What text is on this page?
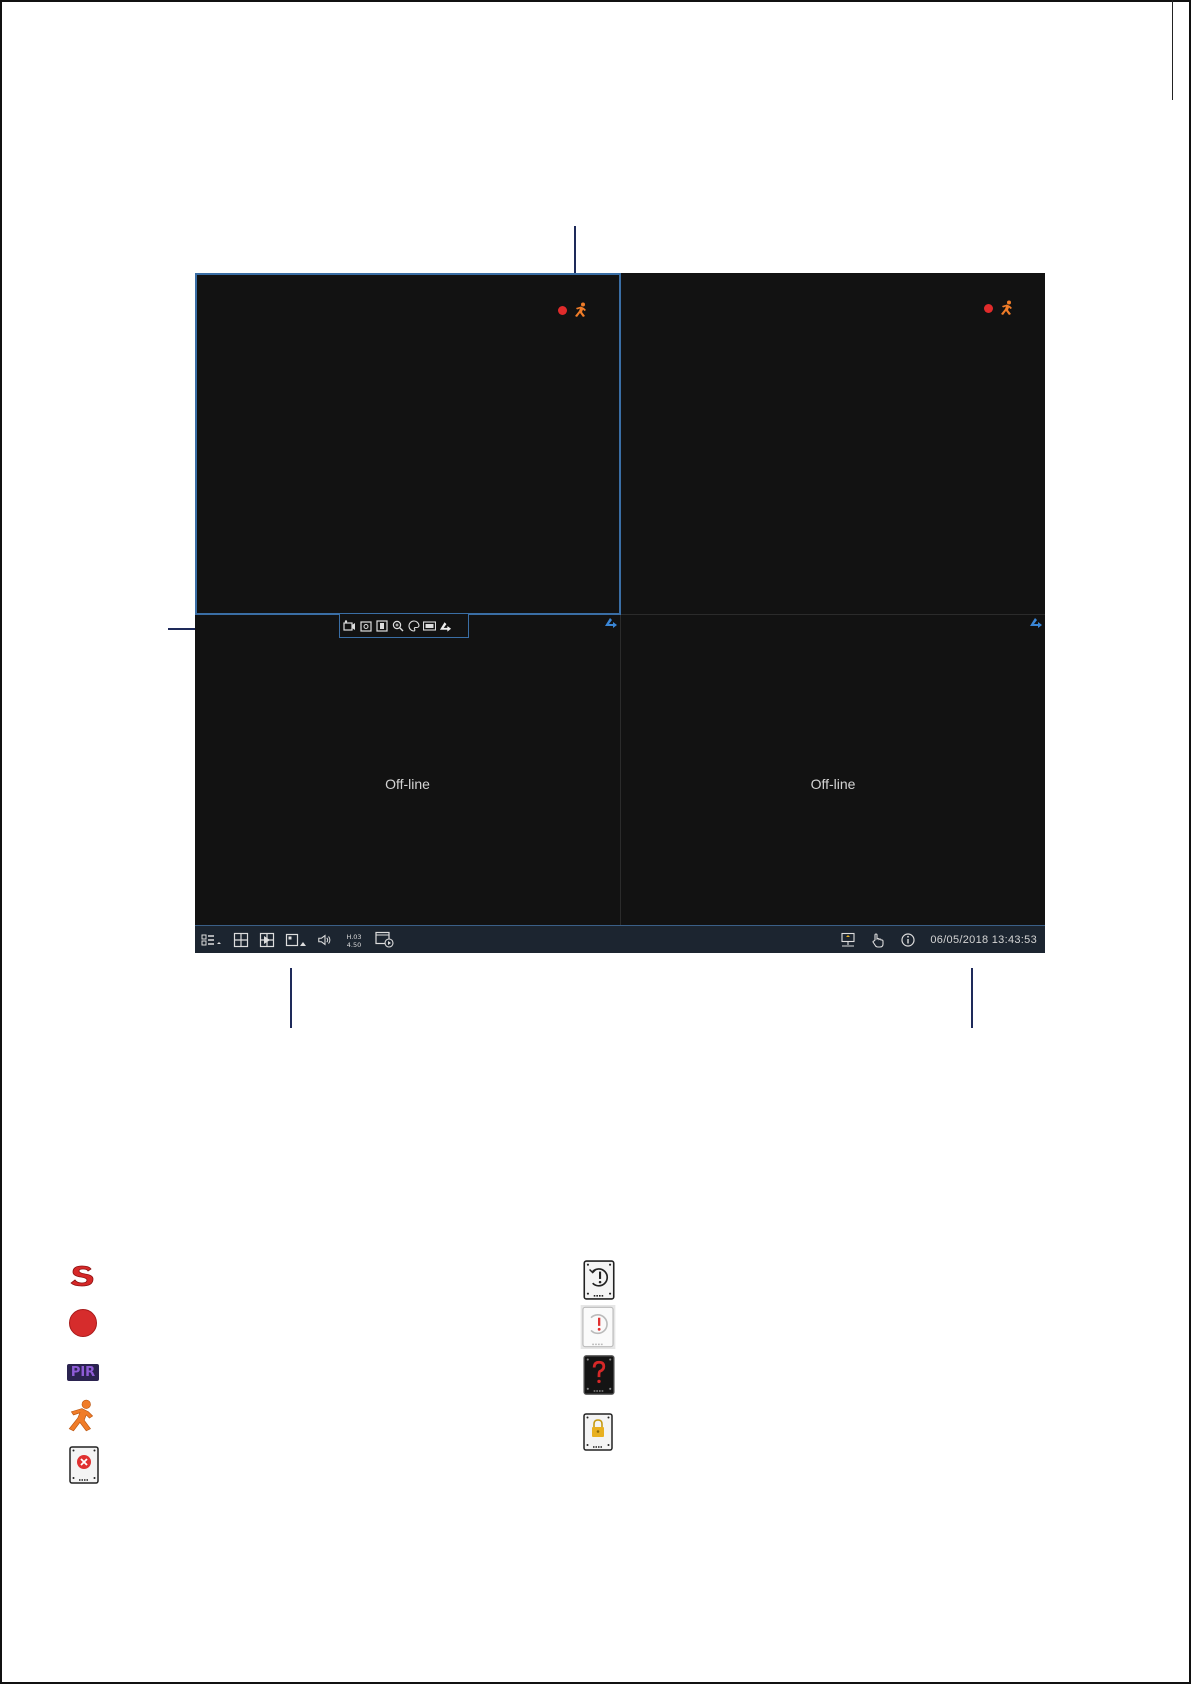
Off-line	Off-line
H.03
4.50	06/05/2018 13:43:53
PIR
